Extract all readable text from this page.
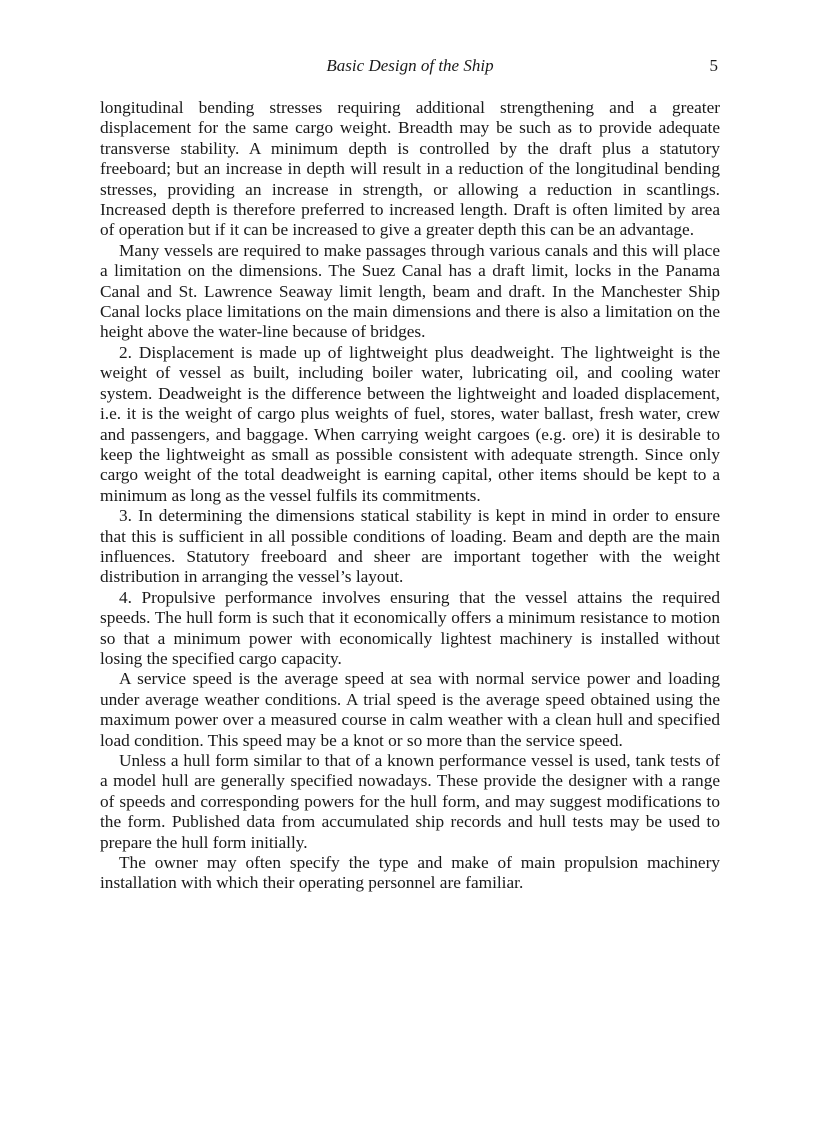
Basic Design of the Ship	5

longitudinal bending stresses requiring additional strengthening and a greater displacement for the same cargo weight. Breadth may be such as to provide adequate transverse stability. A minimum depth is controlled by the draft plus a statutory freeboard; but an increase in depth will result in a reduction of the longitudinal bending stresses, providing an increase in strength, or allowing a reduction in scantlings. Increased depth is therefore preferred to increased length. Draft is often limited by area of operation but if it can be increased to give a greater depth this can be an advantage.

Many vessels are required to make passages through various canals and this will place a limitation on the dimensions. The Suez Canal has a draft limit, locks in the Panama Canal and St. Lawrence Seaway limit length, beam and draft. In the Manchester Ship Canal locks place limitations on the main dimensions and there is also a limitation on the height above the water-line because of bridges.

2. Displacement is made up of lightweight plus deadweight. The lightweight is the weight of vessel as built, including boiler water, lubricating oil, and cooling water system. Deadweight is the difference between the lightweight and loaded displacement, i.e. it is the weight of cargo plus weights of fuel, stores, water ballast, fresh water, crew and passengers, and baggage. When carrying weight cargoes (e.g. ore) it is desirable to keep the lightweight as small as possible consistent with adequate strength. Since only cargo weight of the total deadweight is earning capital, other items should be kept to a minimum as long as the vessel fulfils its commitments.

3. In determining the dimensions statical stability is kept in mind in order to ensure that this is sufficient in all possible conditions of loading. Beam and depth are the main influences. Statutory freeboard and sheer are important together with the weight distribution in arranging the vessel’s layout.

4. Propulsive performance involves ensuring that the vessel attains the required speeds. The hull form is such that it economically offers a minimum resistance to motion so that a minimum power with economically lightest machinery is installed without losing the specified cargo capacity.

A service speed is the average speed at sea with normal service power and loading under average weather conditions. A trial speed is the average speed obtained using the maximum power over a measured course in calm weather with a clean hull and specified load condition. This speed may be a knot or so more than the service speed.

Unless a hull form similar to that of a known performance vessel is used, tank tests of a model hull are generally specified nowadays. These provide the designer with a range of speeds and corresponding powers for the hull form, and may suggest modifications to the form. Published data from accumulated ship records and hull tests may be used to prepare the hull form initially.

The owner may often specify the type and make of main propulsion machinery installation with which their operating personnel are familiar.
